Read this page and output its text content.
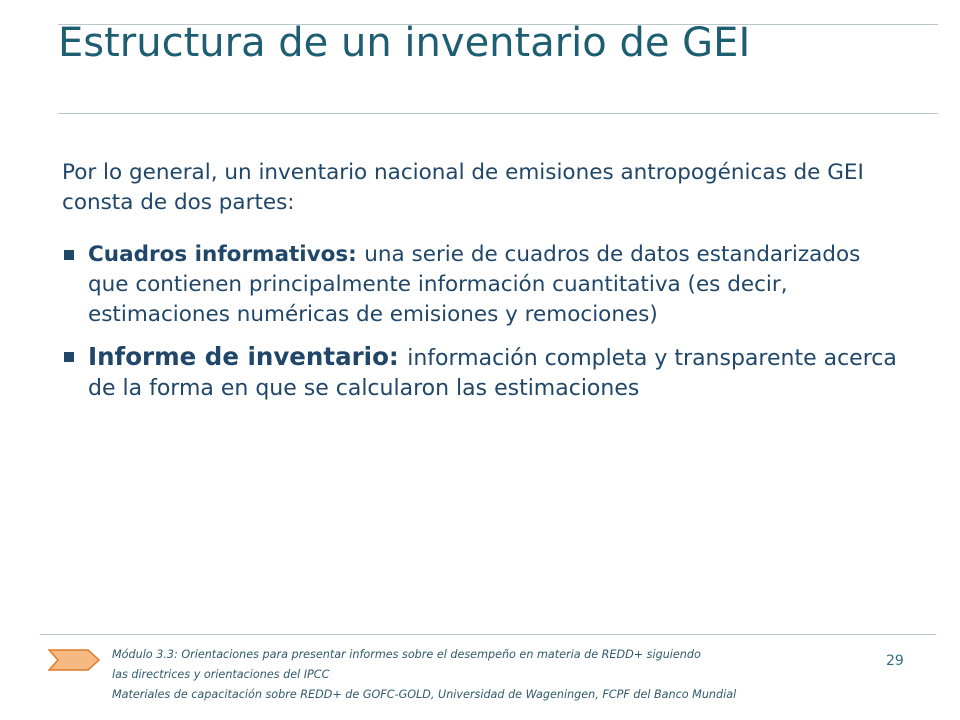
Estructura de un inventario de GEI
Por lo general, un inventario nacional de emisiones antropogénicas de GEI consta de dos partes:
Cuadros informativos: una serie de cuadros de datos estandarizados que contienen principalmente información cuantitativa (es decir, estimaciones numéricas de emisiones y remociones)
Informe de inventario: información completa y transparente acerca de la forma en que se calcularon las estimaciones
Módulo 3.3: Orientaciones para presentar informes sobre el desempeño en materia de REDD+ siguiendo
las directrices y orientaciones del IPCC
Materiales de capacitación sobre REDD+ de GOFC-GOLD, Universidad de Wageningen, FCPF del Banco Mundial
29
